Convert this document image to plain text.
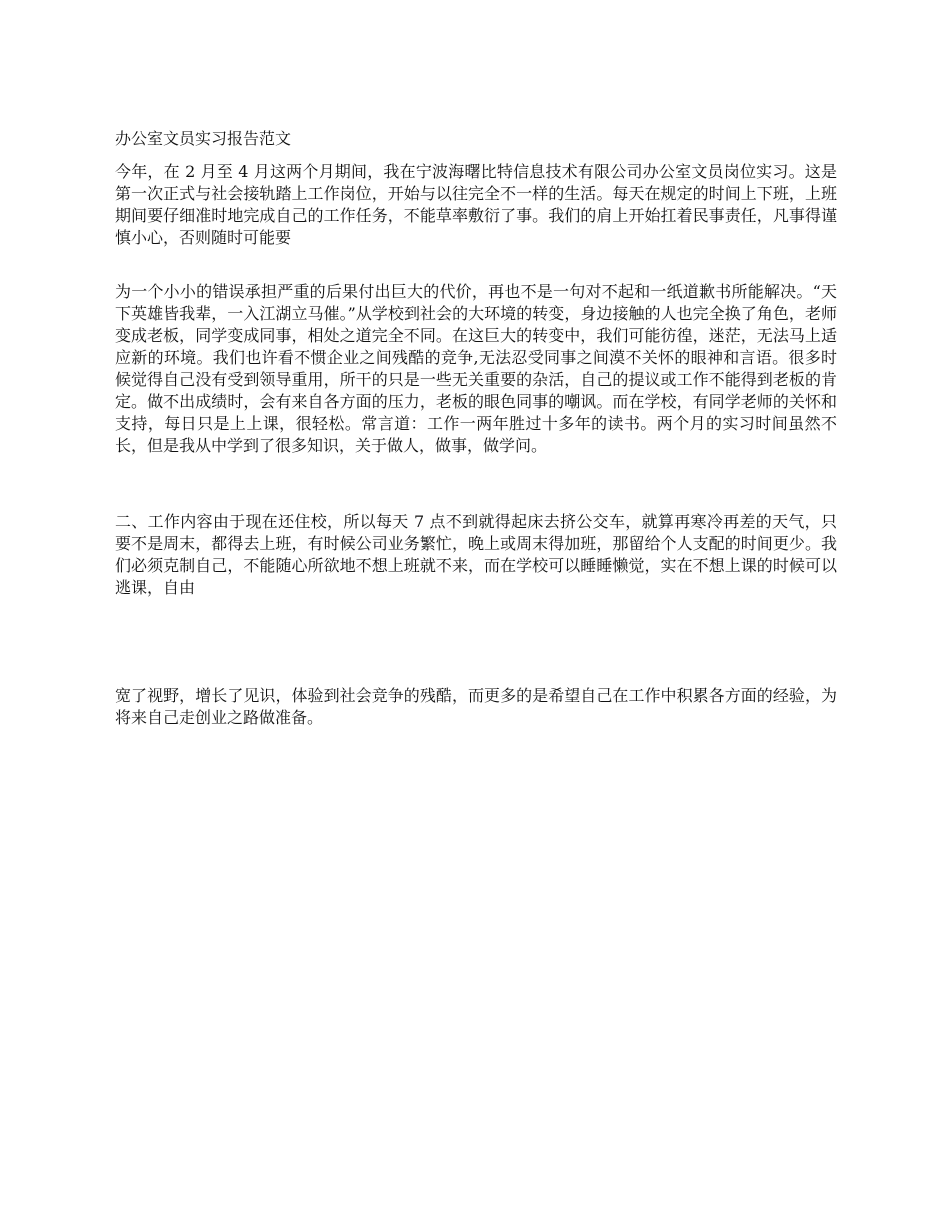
办公室文员实习报告范文

今年，在 2 月至 4 月这两个月期间，我在宁波海曙比特信息技术有限公司办公室文员岗位实习。这是第一次正式与社会接轨踏上工作岗位，开始与以往完全不一样的生活。每天在规定的时间上下班，上班期间要仔细准时地完成自己的工作任务，不能草率敷衍了事。我们的肩上开始扛着民事责任，凡事得谨慎小心，否则随时可能要

为一个小小的错误承担严重的后果付出巨大的代价，再也不是一句对不起和一纸道歉书所能解决。“天下英雄皆我辈，一入江湖立马催。”从学校到社会的大环境的转变，身边接触的人也完全换了角色，老师变成老板，同学变成同事，相处之道完全不同。在这巨大的转变中，我们可能彷徨，迷茫，无法马上适应新的环境。我们也许看不惯企业之间残酷的竞争,无法忍受同事之间漠不关怀的眼神和言语。很多时候觉得自己没有受到领导重用，所干的只是一些无关重要的杂活，自己的提议或工作不能得到老板的肯定。做不出成绩时，会有来自各方面的压力，老板的眼色同事的嘲讽。而在学校，有同学老师的关怀和支持，每日只是上上课，很轻松。常言道：工作一两年胜过十多年的读书。两个月的实习时间虽然不长，但是我从中学到了很多知识，关于做人，做事，做学问。

二、工作内容由于现在还住校，所以每天 7 点不到就得起床去挤公交车，就算再寒冷再差的天气，只要不是周末，都得去上班，有时候公司业务繁忙，晚上或周末得加班，那留给个人支配的时间更少。我们必须克制自己，不能随心所欲地不想上班就不来，而在学校可以睡睡懒觉，实在不想上课的时候可以逃课，自由

宽了视野，增长了见识，体验到社会竞争的残酷，而更多的是希望自己在工作中积累各方面的经验，为将来自己走创业之路做准备。
